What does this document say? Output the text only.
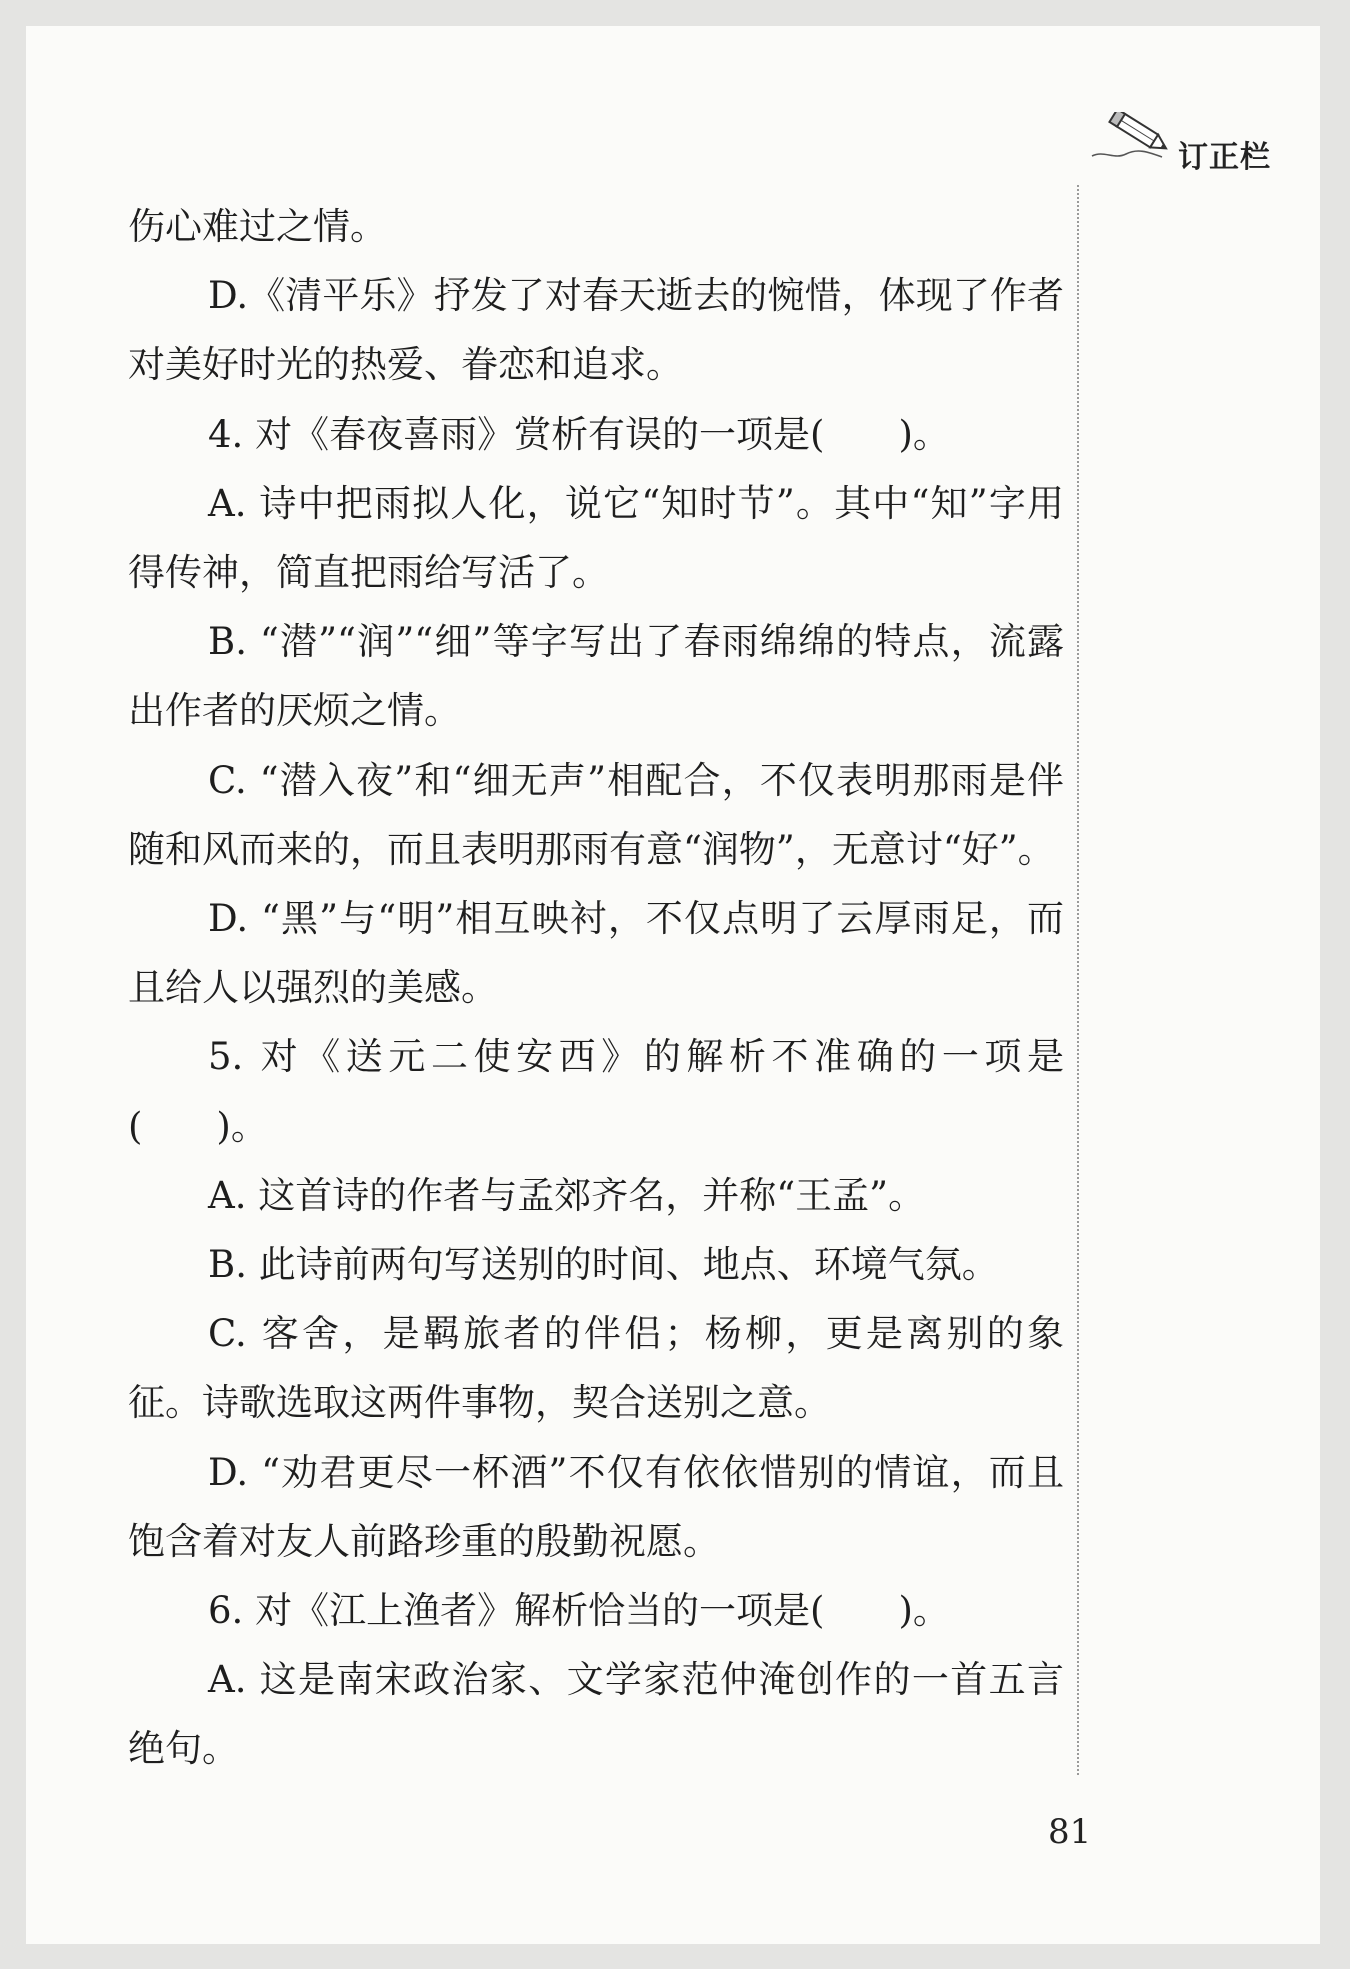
订正栏

伤心难过之情。

D.《清平乐》抒发了对春天逝去的惋惜，体现了作者对美好时光的热爱、眷恋和追求。

4. 对《春夜喜雨》赏析有误的一项是(　　)。

A. 诗中把雨拟人化，说它“知时节”。其中“知”字用得传神，简直把雨给写活了。

B. “潜”“润”“细”等字写出了春雨绵绵的特点，流露出作者的厌烦之情。

C. “潜入夜”和“细无声”相配合，不仅表明那雨是伴随和风而来的，而且表明那雨有意“润物”，无意讨“好”。

D. “黑”与“明”相互映衬，不仅点明了云厚雨足，而且给人以强烈的美感。

5. 对《送元二使安西》的解析不准确的一项是(　　)。

A. 这首诗的作者与孟郊齐名，并称“王孟”。

B. 此诗前两句写送别的时间、地点、环境气氛。

C. 客舍，是羁旅者的伴侣；杨柳，更是离别的象征。诗歌选取这两件事物，契合送别之意。

D. “劝君更尽一杯酒”不仅有依依惜别的情谊，而且饱含着对友人前路珍重的殷勤祝愿。

6. 对《江上渔者》解析恰当的一项是(　　)。

A. 这是南宋政治家、文学家范仲淹创作的一首五言绝句。

81
